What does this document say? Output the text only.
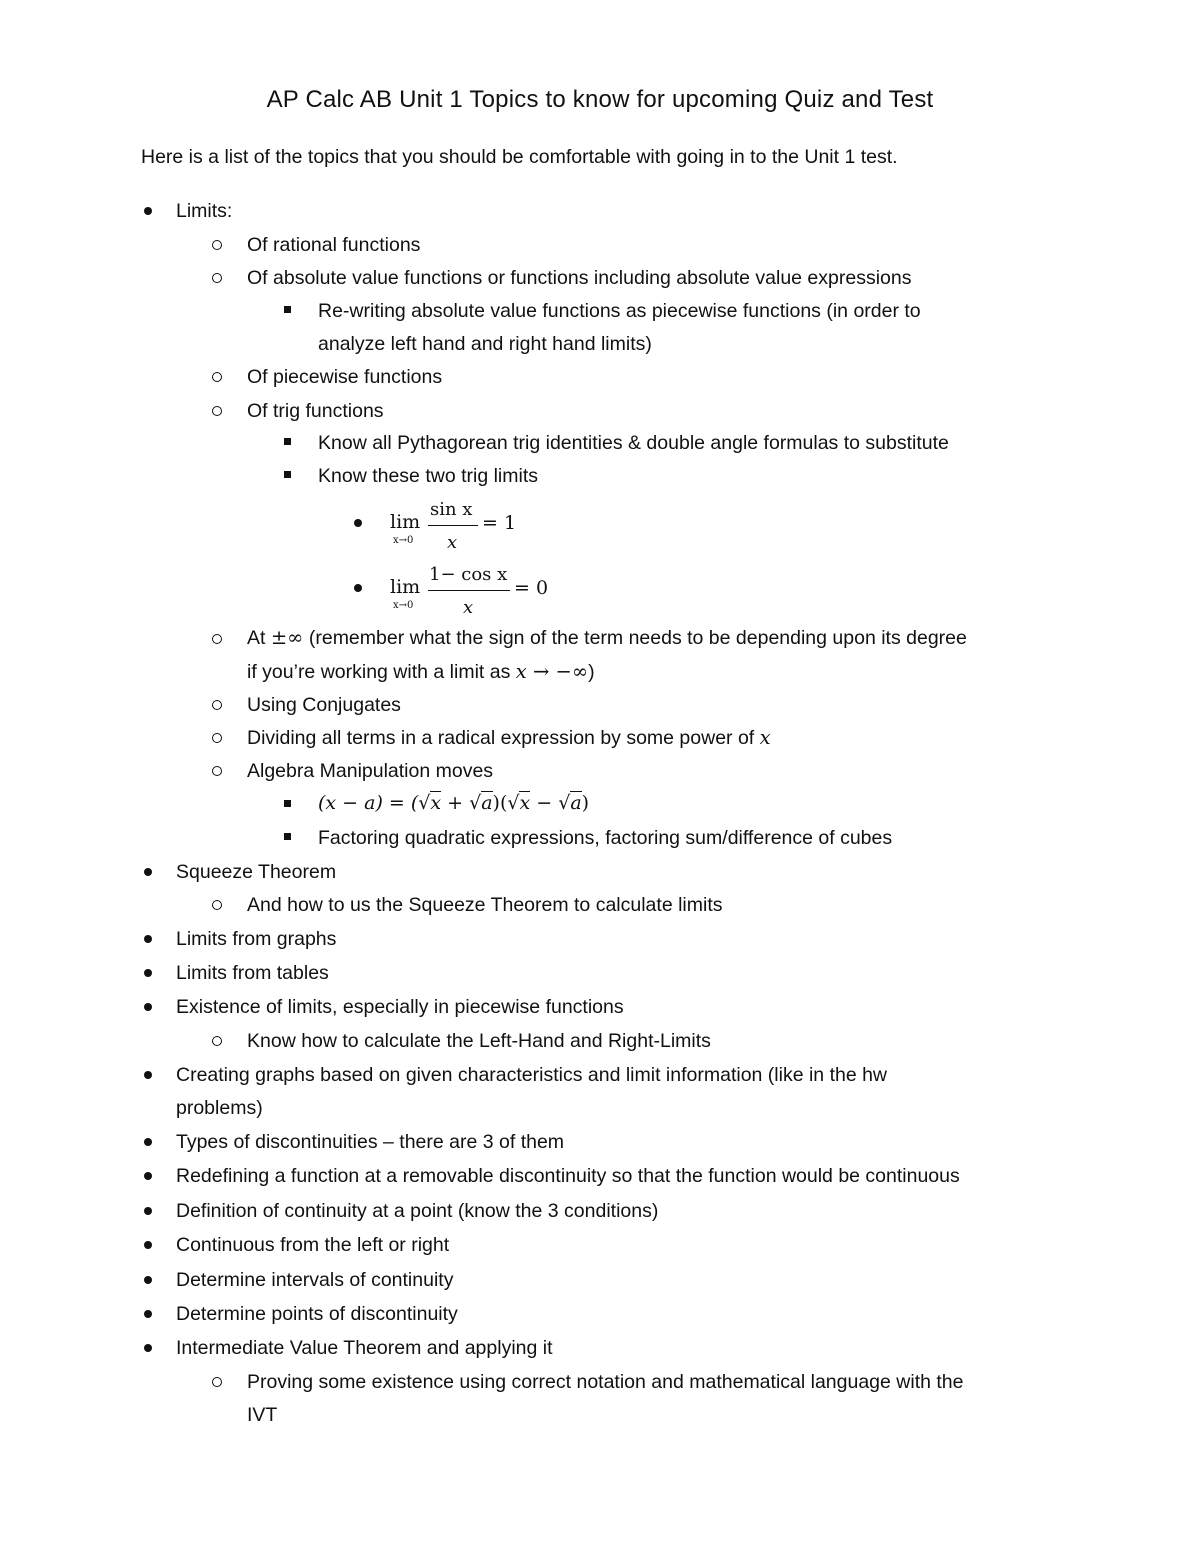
AP Calc AB Unit 1 Topics to know for upcoming Quiz and Test
Here is a list of the topics that you should be comfortable with going in to the Unit 1 test.
Limits:
Of rational functions
Of absolute value functions or functions including absolute value expressions
Re-writing absolute value functions as piecewise functions (in order to
analyze left hand and right hand limits)
Of piecewise functions
Of trig functions
Know all Pythagorean trig identities & double angle formulas to substitute
Know these two trig limits
lim
x→0
sin x
x
= 1
lim
x→0
1− cos x
x
= 0
At ±∞ (remember what the sign of the term needs to be depending upon its degree
if you’re working with a limit as x → −∞)
Using Conjugates
Dividing all terms in a radical expression by some power of x
Algebra Manipulation moves
(x − a) = (√x + √a)(√x − √a)
Factoring quadratic expressions, factoring sum/difference of cubes
Squeeze Theorem
And how to us the Squeeze Theorem to calculate limits
Limits from graphs
Limits from tables
Existence of limits, especially in piecewise functions
Know how to calculate the Left-Hand and Right-Limits
Creating graphs based on given characteristics and limit information (like in the hw
problems)
Types of discontinuities – there are 3 of them
Redefining a function at a removable discontinuity so that the function would be continuous
Definition of continuity at a point (know the 3 conditions)
Continuous from the left or right
Determine intervals of continuity
Determine points of discontinuity
Intermediate Value Theorem and applying it
Proving some existence using correct notation and mathematical language with the
IVT
